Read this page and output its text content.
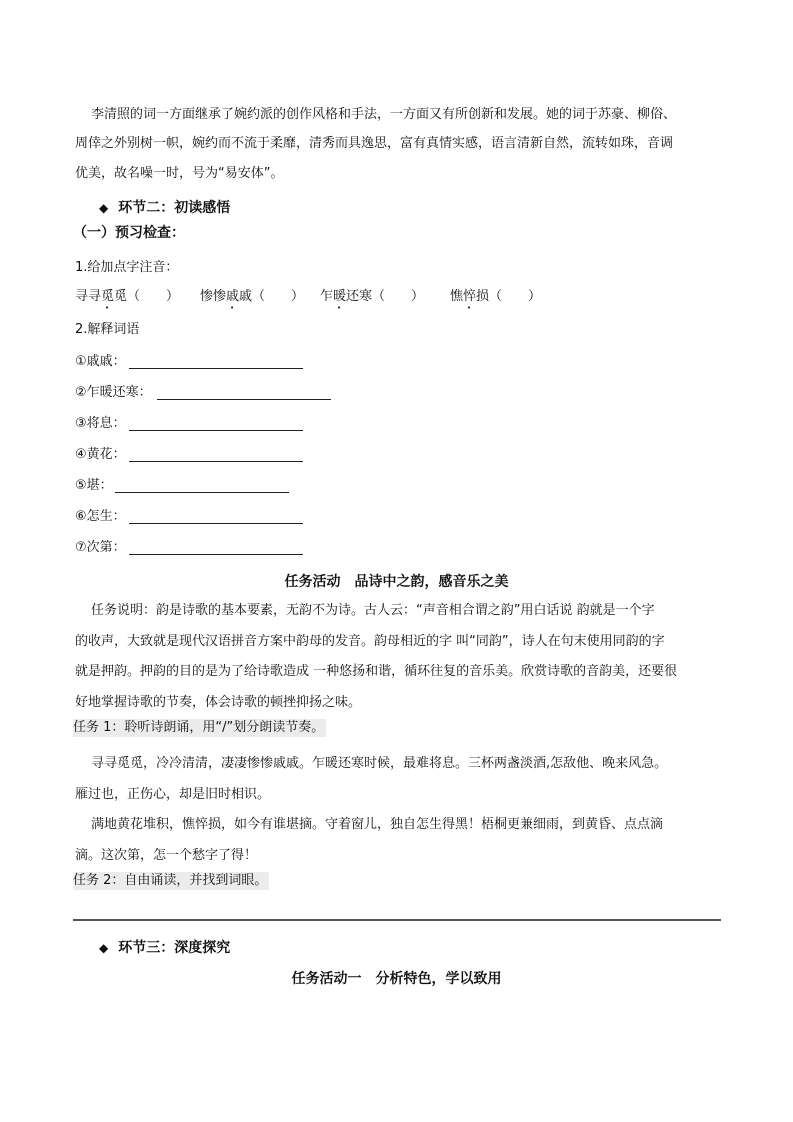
李清照的词一方面继承了婉约派的创作风格和手法，一方面又有所创新和发展。她的词于苏豪、柳俗、
周倖之外别树一帜，婉约而不流于柔靡，清秀而具逸思，富有真情实感，语言清新自然，流转如珠，音调
优美，故名噪一时，号为“易安体”。
◆ 环节二：初读感悟
（一）预习检查：
1.给加点字注音：
寻寻觅觅（　　） 惨惨戚戚（　　） 乍暖还寒（　　） 憔悴损（　　）
2.解释词语
①戚戚：
②乍暖还寒：
③将息：
④黄花：
⑤堪：
⑥怎生：
⑦次第：
任务活动　品诗中之韵，感音乐之美
任务说明：韵是诗歌的基本要素，无韵不为诗。古人云：“声音相合谓之韵”用白话说 韵就是一个字
的收声，大致就是现代汉语拼音方案中韵母的发音。韵母相近的字 叫“同韵”，诗人在句末使用同韵的字
就是押韵。押韵的目的是为了给诗歌造成 一种悠扬和谐，循环往复的音乐美。欣赏诗歌的音韵美，还要很
好地掌握诗歌的节奏，体会诗歌的顿挫抑扬之味。
任务 1：聆听诗朗诵，用“/”划分朗读节奏。
寻寻觅觅，冷冷清清，凄凄惨惨戚戚。乍暖还寒时候，最难将息。三杯两盏淡酒,怎敌他、晚来风急。
雁过也，正伤心，却是旧时相识。
满地黄花堆积，憔悴损，如今有谁堪摘。守着窗儿，独自怎生得黑！梧桐更兼细雨，到黄昏、点点滴
滴。这次第，怎一个愁字了得！
任务 2：自由诵读，并找到词眼。
◆ 环节三：深度探究
任务活动一　分析特色，学以致用
